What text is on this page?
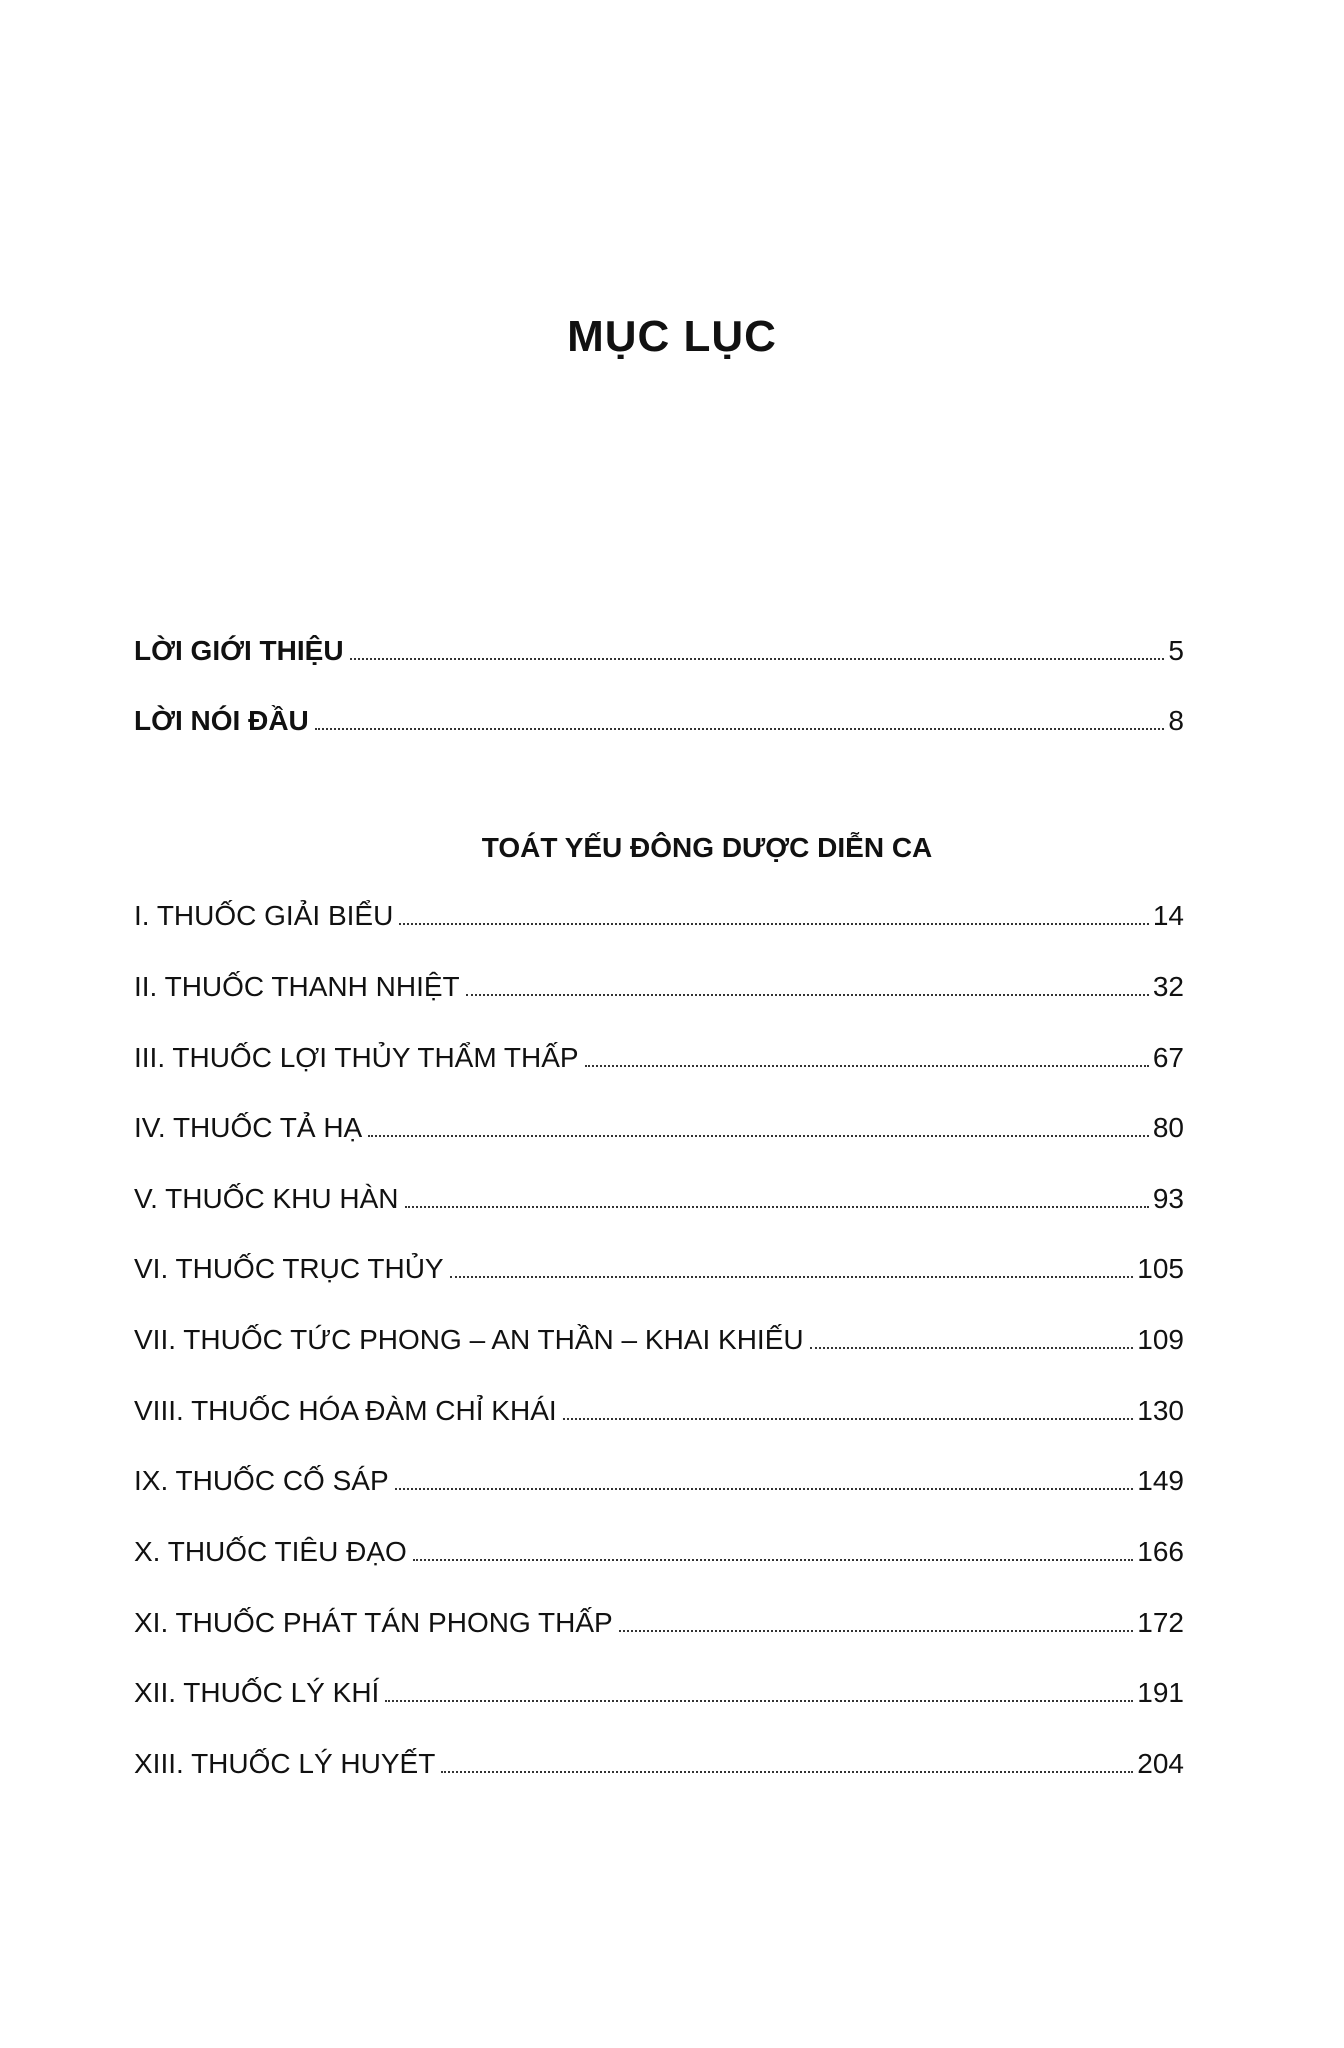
MỤC LỤC
LỜI GIỚI THIỆU	5
LỜI NÓI ĐẦU	8
TOÁT YẾU ĐÔNG DƯỢC DIỄN CA
I. THUỐC GIẢI BIỂU	14
II. THUỐC THANH NHIỆT	32
III. THUỐC LỢI THỦY THẨM THẤP	67
IV. THUỐC TẢ HẠ	80
V. THUỐC KHU HÀN	93
VI. THUỐC TRỤC THỦY	105
VII. THUỐC TỨC PHONG – AN THẦN – KHAI KHIẾU	109
VIII. THUỐC HÓA ĐÀM CHỈ KHÁI	130
IX. THUỐC CỐ SÁP	149
X. THUỐC TIÊU ĐẠO	166
XI. THUỐC PHÁT TÁN PHONG THẤP	172
XII. THUỐC LÝ KHÍ	191
XIII. THUỐC LÝ HUYẾT	204
